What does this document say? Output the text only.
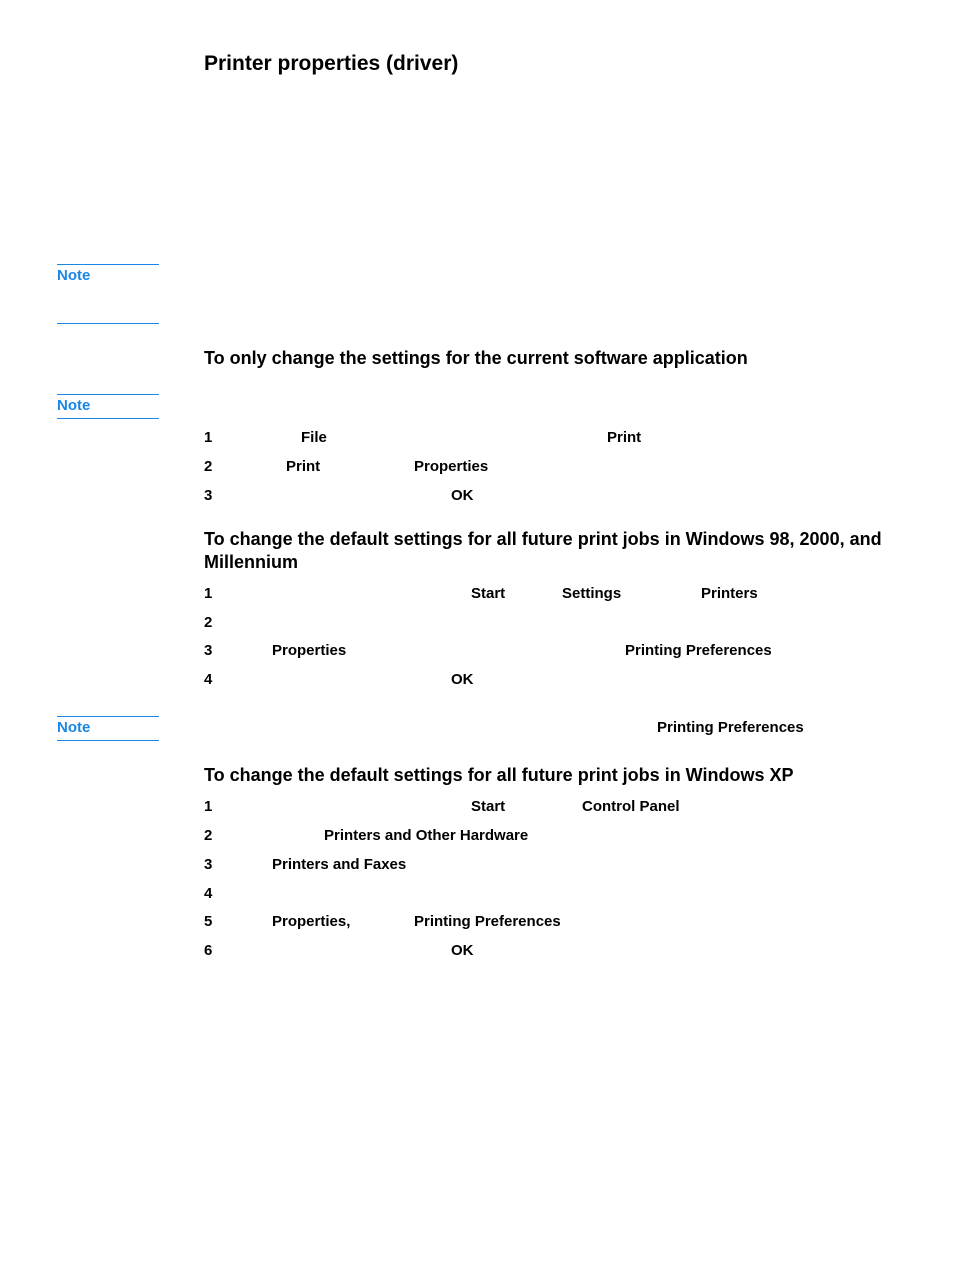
Printer properties (driver)
Note
To only change the settings for the current software application
Note
1	File	Print
2	Print	Properties
3	OK
To change the default settings for all future print jobs in Windows 98, 2000, and Millennium
1	Start	Settings	Printers
2
3	Properties	Printing Preferences
4	OK
Note	Printing Preferences
To change the default settings for all future print jobs in Windows XP
1	Start	Control Panel
2	Printers and Other Hardware
3	Printers and Faxes
4
5	Properties,	Printing Preferences
6	OK
